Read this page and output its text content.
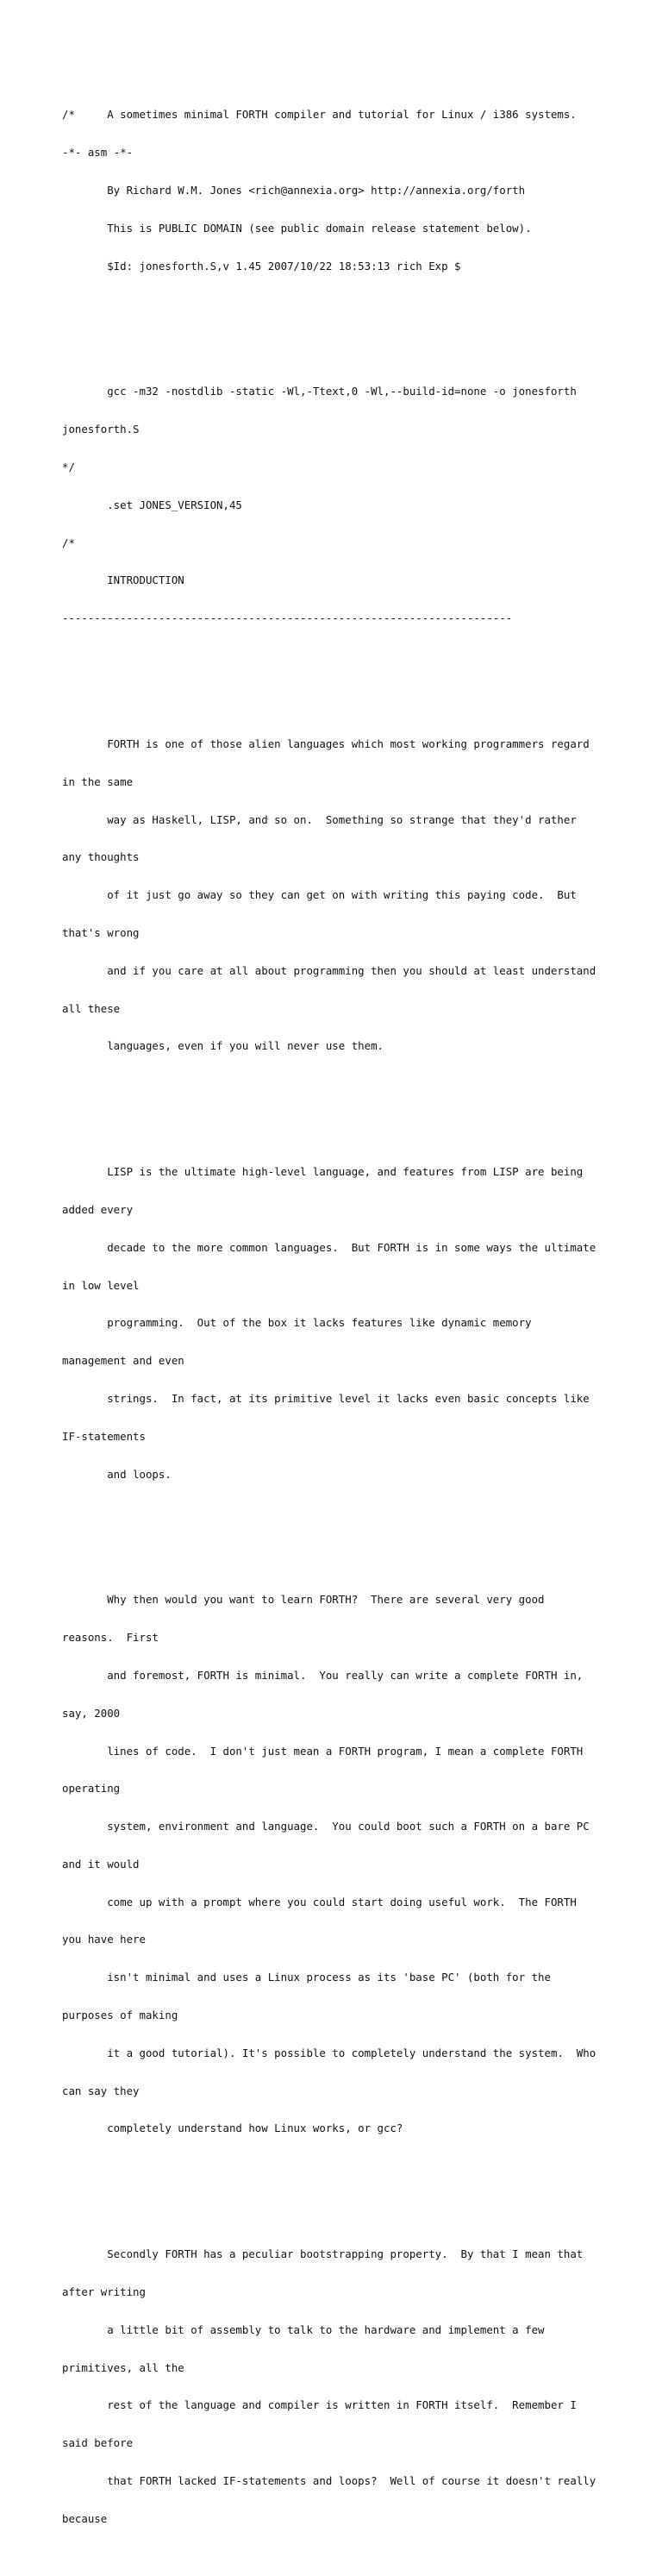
/*     A sometimes minimal FORTH compiler and tutorial for Linux / i386 systems.

-*- asm -*-

By Richard W.M. Jones <rich@annexia.org> http://annexia.org/forth

This is PUBLIC DOMAIN (see public domain release statement below).

$Id: jonesforth.S,v 1.45 2007/10/22 18:53:13 rich Exp $

gcc -m32 -nostdlib -static -Wl,-Ttext,0 -Wl,--build-id=none -o jonesforth

jonesforth.S

*/

.set JONES_VERSION,45

/*

INTRODUCTION

----------------------------------------------------------------------

FORTH is one of those alien languages which most working programmers regard

in the same

way as Haskell, LISP, and so on.  Something so strange that they'd rather

any thoughts

of it just go away so they can get on with writing this paying code.  But

that's wrong

and if you care at all about programming then you should at least understand

all these

languages, even if you will never use them.

LISP is the ultimate high-level language, and features from LISP are being

added every

decade to the more common languages.  But FORTH is in some ways the ultimate

in low level

programming.  Out of the box it lacks features like dynamic memory

management and even

strings.  In fact, at its primitive level it lacks even basic concepts like

IF-statements

and loops.

Why then would you want to learn FORTH?  There are several very good

reasons.  First

and foremost, FORTH is minimal.  You really can write a complete FORTH in,

say, 2000

lines of code.  I don't just mean a FORTH program, I mean a complete FORTH

operating

system, environment and language.  You could boot such a FORTH on a bare PC

and it would

come up with a prompt where you could start doing useful work.  The FORTH

you have here

isn't minimal and uses a Linux process as its 'base PC' (both for the

purposes of making

it a good tutorial). It's possible to completely understand the system.  Who

can say they

completely understand how Linux works, or gcc?

Secondly FORTH has a peculiar bootstrapping property.  By that I mean that

after writing

a little bit of assembly to talk to the hardware and implement a few

primitives, all the

rest of the language and compiler is written in FORTH itself.  Remember I

said before

that FORTH lacked IF-statements and loops?  Well of course it doesn't really

because
